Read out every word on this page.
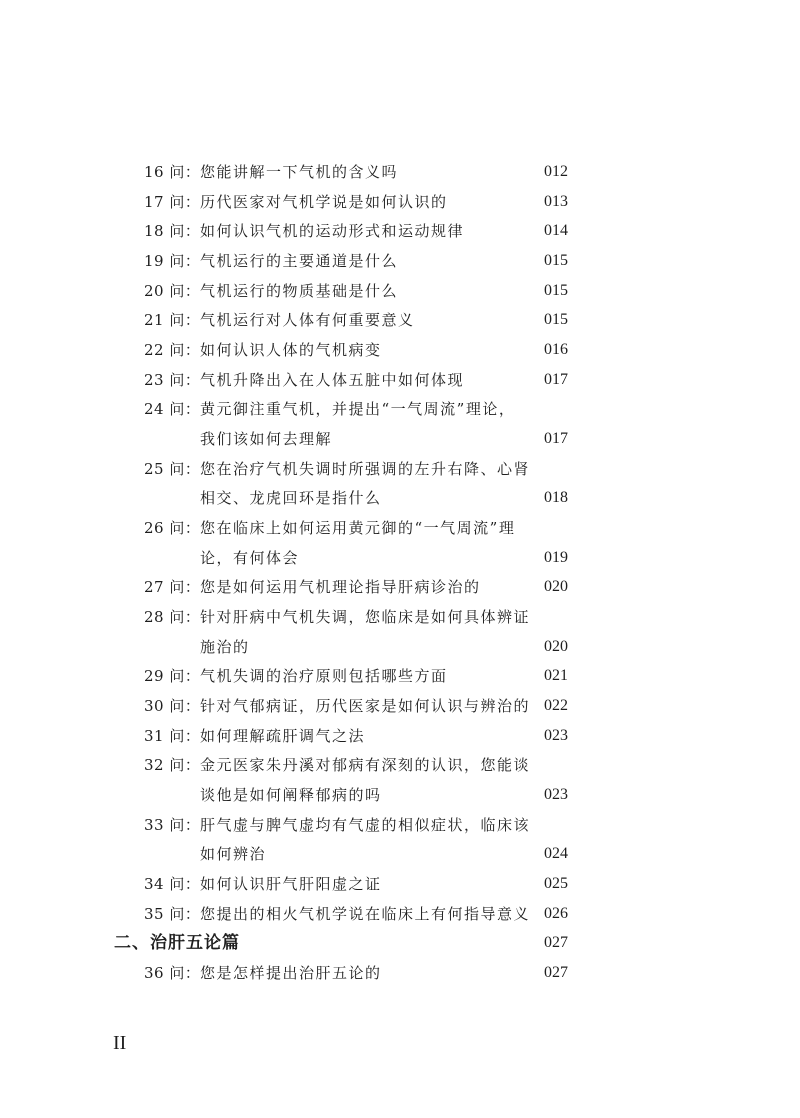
16 问： 您能讲解一下气机的含义吗	012
17 问： 历代医家对气机学说是如何认识的	013
18 问： 如何认识气机的运动形式和运动规律	014
19 问： 气机运行的主要通道是什么	015
20 问： 气机运行的物质基础是什么	015
21 问： 气机运行对人体有何重要意义	015
22 问： 如何认识人体的气机病变	016
23 问： 气机升降出入在人体五脏中如何体现	017
24 问： 黄元御注重气机，并提出“一气周流”理论，
我们该如何去理解	017
25 问： 您在治疗气机失调时所强调的左升右降、心肾
相交、龙虎回环是指什么	018
26 问： 您在临床上如何运用黄元御的“一气周流”理
论，有何体会	019
27 问： 您是如何运用气机理论指导肝病诊治的	020
28 问： 针对肝病中气机失调，您临床是如何具体辨证
施治的	020
29 问： 气机失调的治疗原则包括哪些方面	021
30 问： 针对气郁病证，历代医家是如何认识与辨治的 022
31 问： 如何理解疏肝调气之法	023
32 问： 金元医家朱丹溪对郁病有深刻的认识，您能谈
谈他是如何阐释郁病的吗	023
33 问： 肝气虚与脾气虚均有气虚的相似症状，临床该
如何辨治	024
34 问： 如何认识肝气肝阳虚之证	025
35 问： 您提出的相火气机学说在临床上有何指导意义 026
二、治肝五论篇	027
36 问： 您是怎样提出治肝五论的	027
II
